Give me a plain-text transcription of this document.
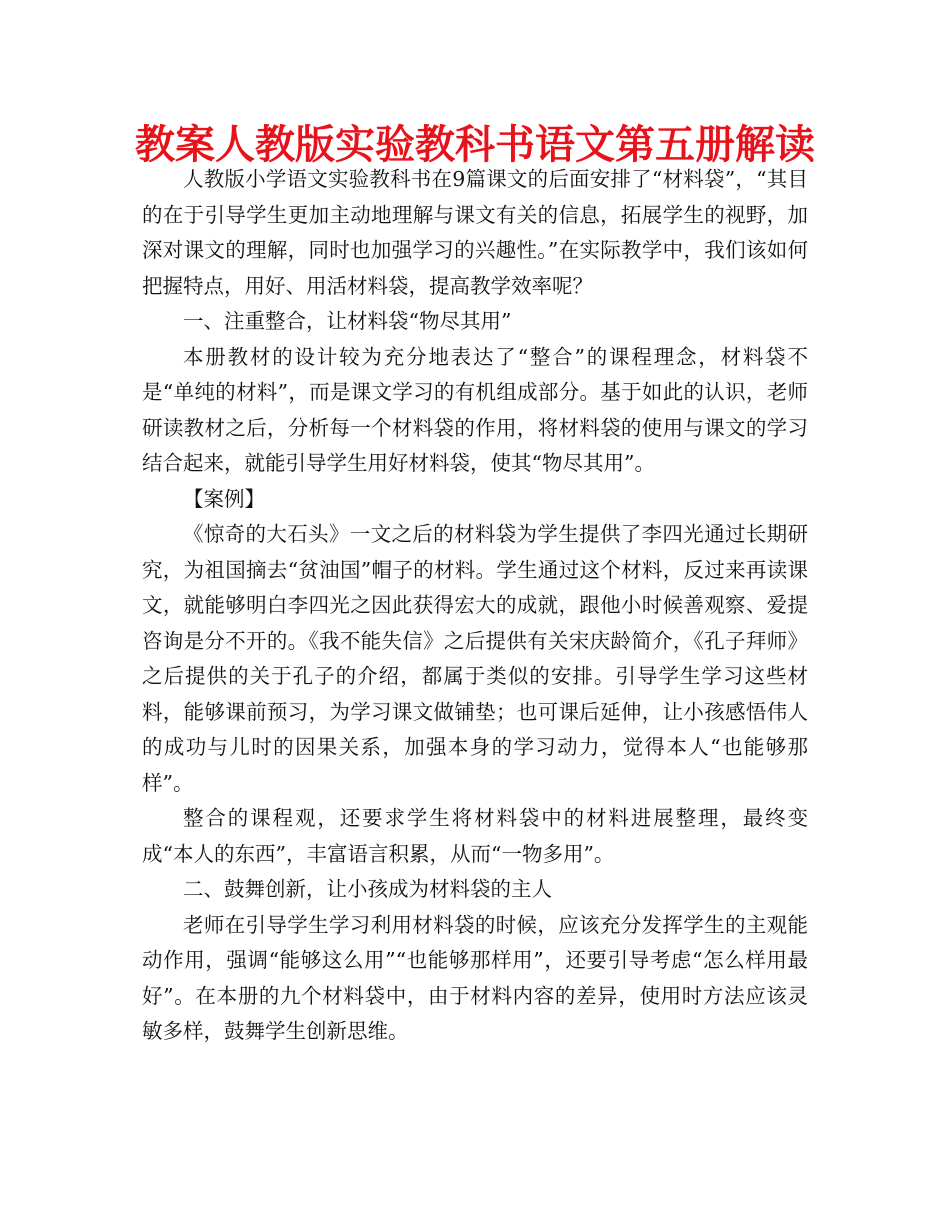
教案人教版实验教科书语文第五册解读

人教版小学语文实验教科书在9篇课文的后面安排了“材料袋”，“其目的在于引导学生更加主动地理解与课文有关的信息，拓展学生的视野，加深对课文的理解，同时也加强学习的兴趣性。”在实际教学中，我们该如何把握特点，用好、用活材料袋，提高教学效率呢？

一、注重整合，让材料袋“物尽其用”

本册教材的设计较为充分地表达了“整合”的课程理念，材料袋不是“单纯的材料”，而是课文学习的有机组成部分。基于如此的认识，老师研读教材之后，分析每一个材料袋的作用，将材料袋的使用与课文的学习结合起来，就能引导学生用好材料袋，使其“物尽其用”。

【案例】

《惊奇的大石头》一文之后的材料袋为学生提供了李四光通过长期研究，为祖国摘去“贫油国”帽子的材料。学生通过这个材料，反过来再读课文，就能够明白李四光之因此获得宏大的成就，跟他小时候善观察、爱提咨询是分不开的。《我不能失信》之后提供有关宋庆龄简介，《孔子拜师》之后提供的关于孔子的介绍，都属于类似的安排。引导学生学习这些材料，能够课前预习，为学习课文做铺垫；也可课后延伸，让小孩感悟伟人的成功与儿时的因果关系，加强本身的学习动力，觉得本人“也能够那样”。

整合的课程观，还要求学生将材料袋中的材料进展整理，最终变成“本人的东西”，丰富语言积累，从而“一物多用”。

二、鼓舞创新，让小孩成为材料袋的主人

老师在引导学生学习利用材料袋的时候，应该充分发挥学生的主观能动作用，强调“能够这么用”“也能够那样用”，还要引导考虑“怎么样用最好”。在本册的九个材料袋中，由于材料内容的差异，使用时方法应该灵敏多样，鼓舞学生创新思维。
